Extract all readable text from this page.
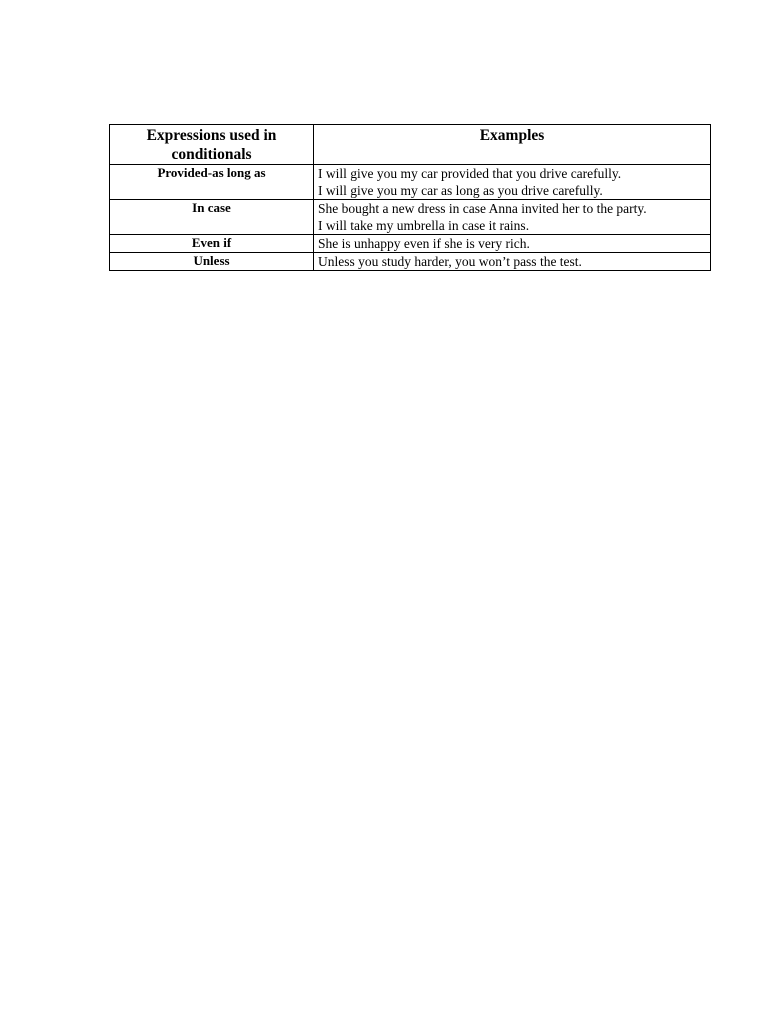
Expressions used in conditionals	Examples
Provided-as long as	I will give you my car provided that you drive carefully.
I will give you my car as long as you drive carefully.

In case	She bought a new dress in case Anna invited her to the party.
I will take my umbrella in case it rains.

Even if	She is unhappy even if she is very rich.

Unless	Unless you study harder, you won’t pass the test.
